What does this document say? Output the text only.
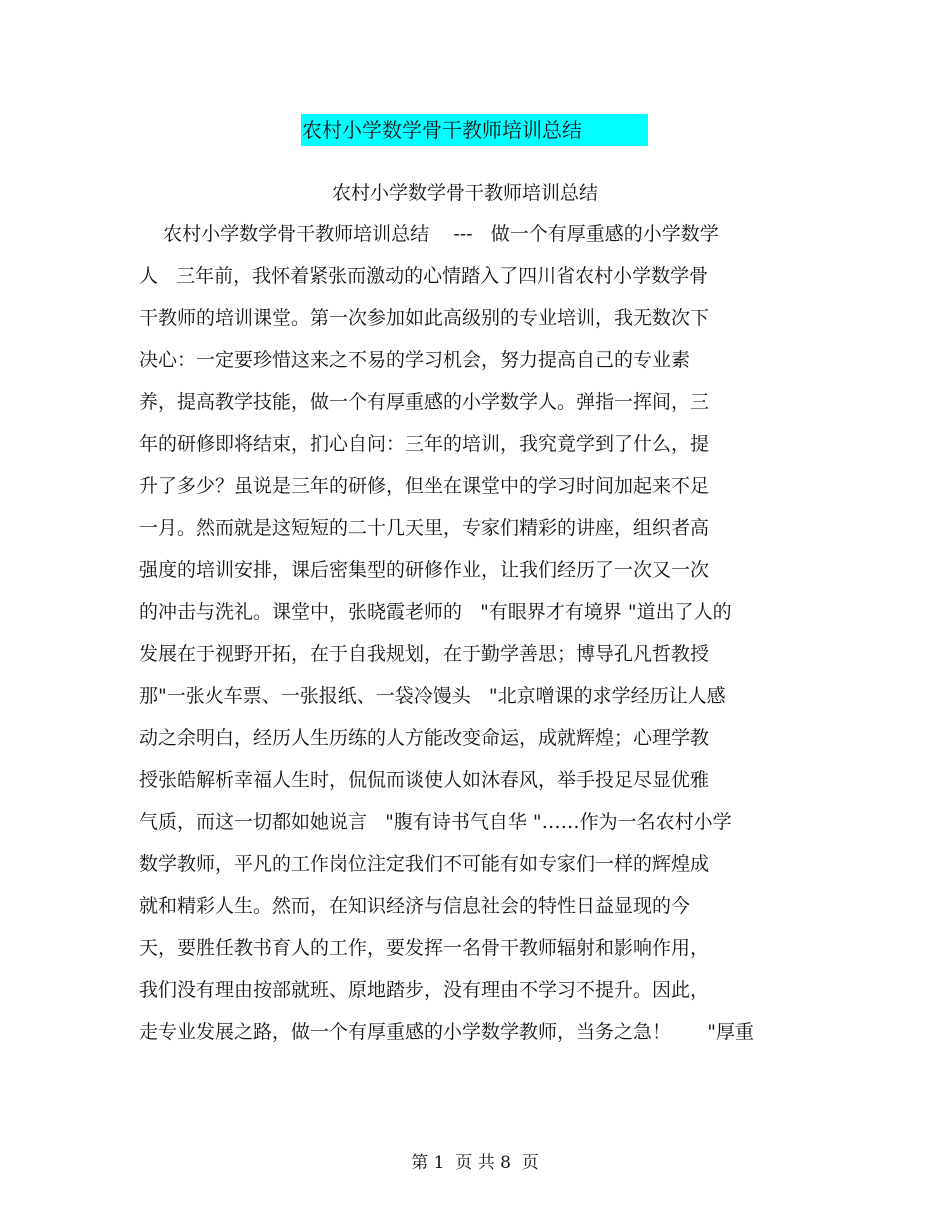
农村小学数学骨干教师培训总结
农村小学数学骨干教师培训总结
农村小学数学骨干教师培训总结    ---   做一个有厚重感的小学数学
人   三年前，我怀着紧张而激动的心情踏入了四川省农村小学数学骨
干教师的培训课堂。第一次参加如此高级别的专业培训，我无数次下
决心：一定要珍惜这来之不易的学习机会，努力提高自己的专业素
养，提高教学技能，做一个有厚重感的小学数学人。弹指一挥间，三
年的研修即将结束，扪心自问：三年的培训，我究竟学到了什么，提
升了多少？虽说是三年的研修，但坐在课堂中的学习时间加起来不足
一月。然而就是这短短的二十几天里，专家们精彩的讲座，组织者高
强度的培训安排，课后密集型的研修作业，让我们经历了一次又一次
的冲击与洗礼。课堂中，张晓霞老师的   "有眼界才有境界 "道出了人的
发展在于视野开拓，在于自我规划，在于勤学善思；博导孔凡哲教授
那"一张火车票、一张报纸、一袋冷馒头   "北京噌课的求学经历让人感
动之余明白，经历人生历练的人方能改变命运，成就辉煌；心理学教
授张皓解析幸福人生时，侃侃而谈使人如沐春风，举手投足尽显优雅
气质，而这一切都如她说言   "腹有诗书气自华 "……作为一名农村小学
数学教师，平凡的工作岗位注定我们不可能有如专家们一样的辉煌成
就和精彩人生。然而，在知识经济与信息社会的特性日益显现的今
天，要胜任教书育人的工作，要发挥一名骨干教师辐射和影响作用，
我们没有理由按部就班、原地踏步，没有理由不学习不提升。因此，
走专业发展之路，做一个有厚重感的小学数学教师，当务之急！      "厚重
第 1  页 共 8  页
